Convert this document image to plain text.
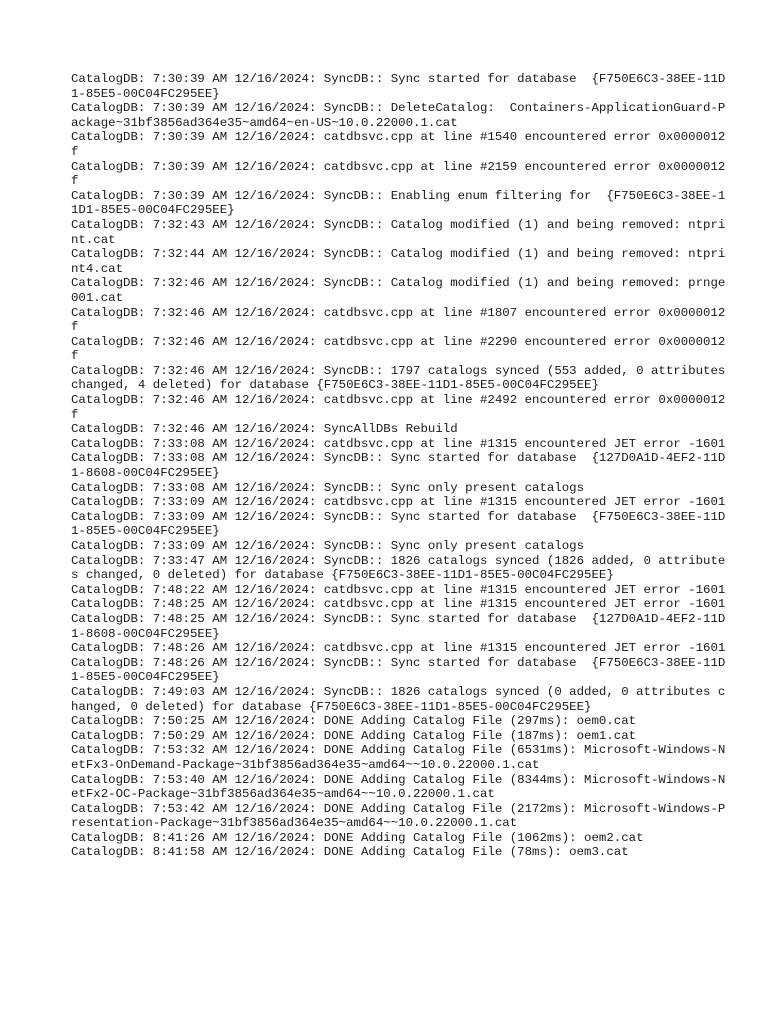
CatalogDB: 7:30:39 AM 12/16/2024: SyncDB:: Sync started for database  {F750E6C3-38EE-11D1-85E5-00C04FC295EE}
CatalogDB: 7:30:39 AM 12/16/2024: SyncDB:: DeleteCatalog:  Containers-ApplicationGuard-Package~31bf3856ad364e35~amd64~en-US~10.0.22000.1.cat
CatalogDB: 7:30:39 AM 12/16/2024: catdbsvc.cpp at line #1540 encountered error 0x0000012f
CatalogDB: 7:30:39 AM 12/16/2024: catdbsvc.cpp at line #2159 encountered error 0x0000012f
CatalogDB: 7:30:39 AM 12/16/2024: SyncDB:: Enabling enum filtering for  {F750E6C3-38EE-11D1-85E5-00C04FC295EE}
CatalogDB: 7:32:43 AM 12/16/2024: SyncDB:: Catalog modified (1) and being removed: ntprint.cat
CatalogDB: 7:32:44 AM 12/16/2024: SyncDB:: Catalog modified (1) and being removed: ntprint4.cat
CatalogDB: 7:32:46 AM 12/16/2024: SyncDB:: Catalog modified (1) and being removed: prnge001.cat
CatalogDB: 7:32:46 AM 12/16/2024: catdbsvc.cpp at line #1807 encountered error 0x0000012f
CatalogDB: 7:32:46 AM 12/16/2024: catdbsvc.cpp at line #2290 encountered error 0x0000012f
CatalogDB: 7:32:46 AM 12/16/2024: SyncDB:: 1797 catalogs synced (553 added, 0 attributes changed, 4 deleted) for database {F750E6C3-38EE-11D1-85E5-00C04FC295EE}
CatalogDB: 7:32:46 AM 12/16/2024: catdbsvc.cpp at line #2492 encountered error 0x0000012f
CatalogDB: 7:32:46 AM 12/16/2024: SyncAllDBs Rebuild
CatalogDB: 7:33:08 AM 12/16/2024: catdbsvc.cpp at line #1315 encountered JET error -1601
CatalogDB: 7:33:08 AM 12/16/2024: SyncDB:: Sync started for database  {127D0A1D-4EF2-11D1-8608-00C04FC295EE}
CatalogDB: 7:33:08 AM 12/16/2024: SyncDB:: Sync only present catalogs
CatalogDB: 7:33:09 AM 12/16/2024: catdbsvc.cpp at line #1315 encountered JET error -1601
CatalogDB: 7:33:09 AM 12/16/2024: SyncDB:: Sync started for database  {F750E6C3-38EE-11D1-85E5-00C04FC295EE}
CatalogDB: 7:33:09 AM 12/16/2024: SyncDB:: Sync only present catalogs
CatalogDB: 7:33:47 AM 12/16/2024: SyncDB:: 1826 catalogs synced (1826 added, 0 attributes changed, 0 deleted) for database {F750E6C3-38EE-11D1-85E5-00C04FC295EE}
CatalogDB: 7:48:22 AM 12/16/2024: catdbsvc.cpp at line #1315 encountered JET error -1601
CatalogDB: 7:48:25 AM 12/16/2024: catdbsvc.cpp at line #1315 encountered JET error -1601
CatalogDB: 7:48:25 AM 12/16/2024: SyncDB:: Sync started for database  {127D0A1D-4EF2-11D1-8608-00C04FC295EE}
CatalogDB: 7:48:26 AM 12/16/2024: catdbsvc.cpp at line #1315 encountered JET error -1601
CatalogDB: 7:48:26 AM 12/16/2024: SyncDB:: Sync started for database  {F750E6C3-38EE-11D1-85E5-00C04FC295EE}
CatalogDB: 7:49:03 AM 12/16/2024: SyncDB:: 1826 catalogs synced (0 added, 0 attributes changed, 0 deleted) for database {F750E6C3-38EE-11D1-85E5-00C04FC295EE}
CatalogDB: 7:50:25 AM 12/16/2024: DONE Adding Catalog File (297ms): oem0.cat
CatalogDB: 7:50:29 AM 12/16/2024: DONE Adding Catalog File (187ms): oem1.cat
CatalogDB: 7:53:32 AM 12/16/2024: DONE Adding Catalog File (6531ms): Microsoft-Windows-NetFx3-OnDemand-Package~31bf3856ad364e35~amd64~~10.0.22000.1.cat
CatalogDB: 7:53:40 AM 12/16/2024: DONE Adding Catalog File (8344ms): Microsoft-Windows-NetFx2-OC-Package~31bf3856ad364e35~amd64~~10.0.22000.1.cat
CatalogDB: 7:53:42 AM 12/16/2024: DONE Adding Catalog File (2172ms): Microsoft-Windows-Presentation-Package~31bf3856ad364e35~amd64~~10.0.22000.1.cat
CatalogDB: 8:41:26 AM 12/16/2024: DONE Adding Catalog File (1062ms): oem2.cat
CatalogDB: 8:41:58 AM 12/16/2024: DONE Adding Catalog File (78ms): oem3.cat
